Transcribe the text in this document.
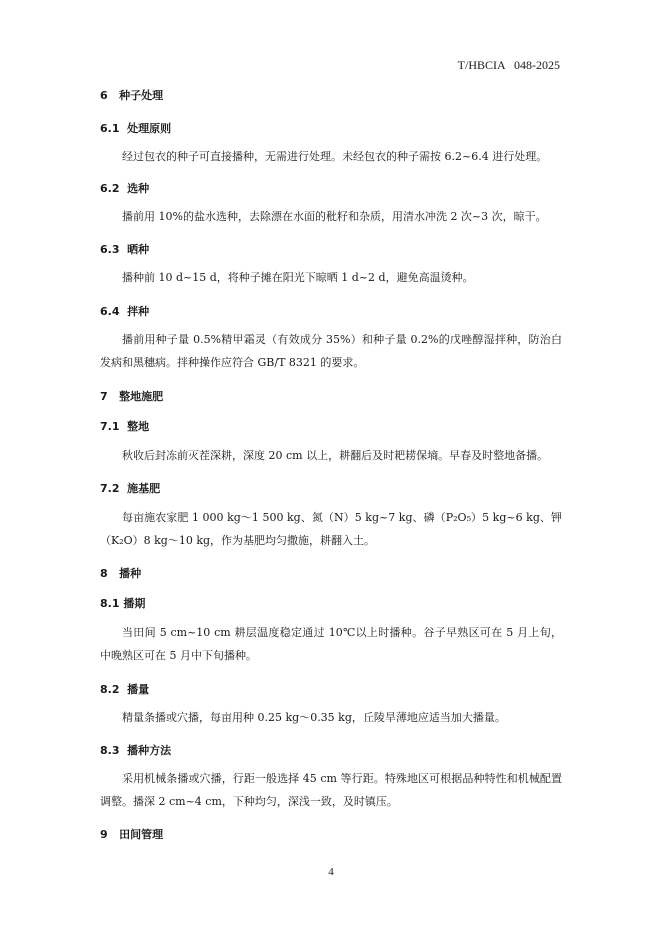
T/HBCIA   048-2025
6   种子处理
6.1  处理原则
经过包衣的种子可直接播种，无需进行处理。未经包衣的种子需按 6.2~6.4 进行处理。
6.2  选种
播前用 10%的盐水选种，去除漂在水面的秕籽和杂质，用清水冲洗 2 次~3 次，晾干。
6.3  晒种
播种前 10 d~15 d，将种子摊在阳光下晾晒 1 d~2 d，避免高温烫种。
6.4  拌种
播前用种子量 0.5%精甲霜灵（有效成分 35%）和种子量 0.2%的戊唑醇湿拌种，防治白发病和黑穗病。拌种操作应符合 GB/T 8321 的要求。
7   整地施肥
7.1  整地
秋收后封冻前灭茬深耕，深度 20 cm 以上，耕翻后及时耙耢保墒。早春及时整地备播。
7.2  施基肥
每亩施农家肥 1 000 kg～1 500 kg、氮（N）5 kg~7 kg、磷（P₂O₅）5 kg~6 kg、钾（K₂O）8 kg～10 kg，作为基肥均匀撒施，耕翻入土。
8   播种
8.1 播期
当田间 5 cm~10 cm 耕层温度稳定通过 10℃以上时播种。谷子早熟区可在 5 月上旬，中晚熟区可在 5 月中下旬播种。
8.2  播量
精量条播或穴播，每亩用种 0.25 kg～0.35 kg，丘陵旱薄地应适当加大播量。
8.3  播种方法
采用机械条播或穴播，行距一般选择 45 cm 等行距。特殊地区可根据品种特性和机械配置调整。播深 2 cm~4 cm，下种均匀，深浅一致，及时镇压。
9   田间管理
4
